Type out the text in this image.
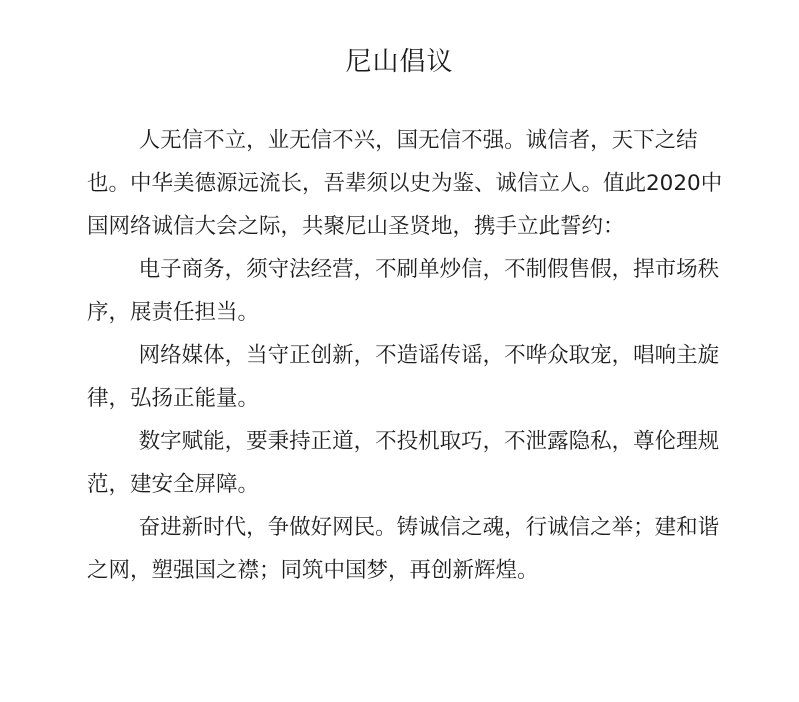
尼山倡议

人无信不立，业无信不兴，国无信不强。诚信者，天下之结也。中华美德源远流长，吾辈须以史为鉴、诚信立人。值此2020中国网络诚信大会之际，共聚尼山圣贤地，携手立此誓约：

电子商务，须守法经营，不刷单炒信，不制假售假，捍市场秩序，展责任担当。

网络媒体，当守正创新，不造谣传谣，不哗众取宠，唱响主旋律，弘扬正能量。

数字赋能，要秉持正道，不投机取巧，不泄露隐私，尊伦理规范，建安全屏障。

奋进新时代，争做好网民。铸诚信之魂，行诚信之举；建和谐之网，塑强国之襟；同筑中国梦，再创新辉煌。
